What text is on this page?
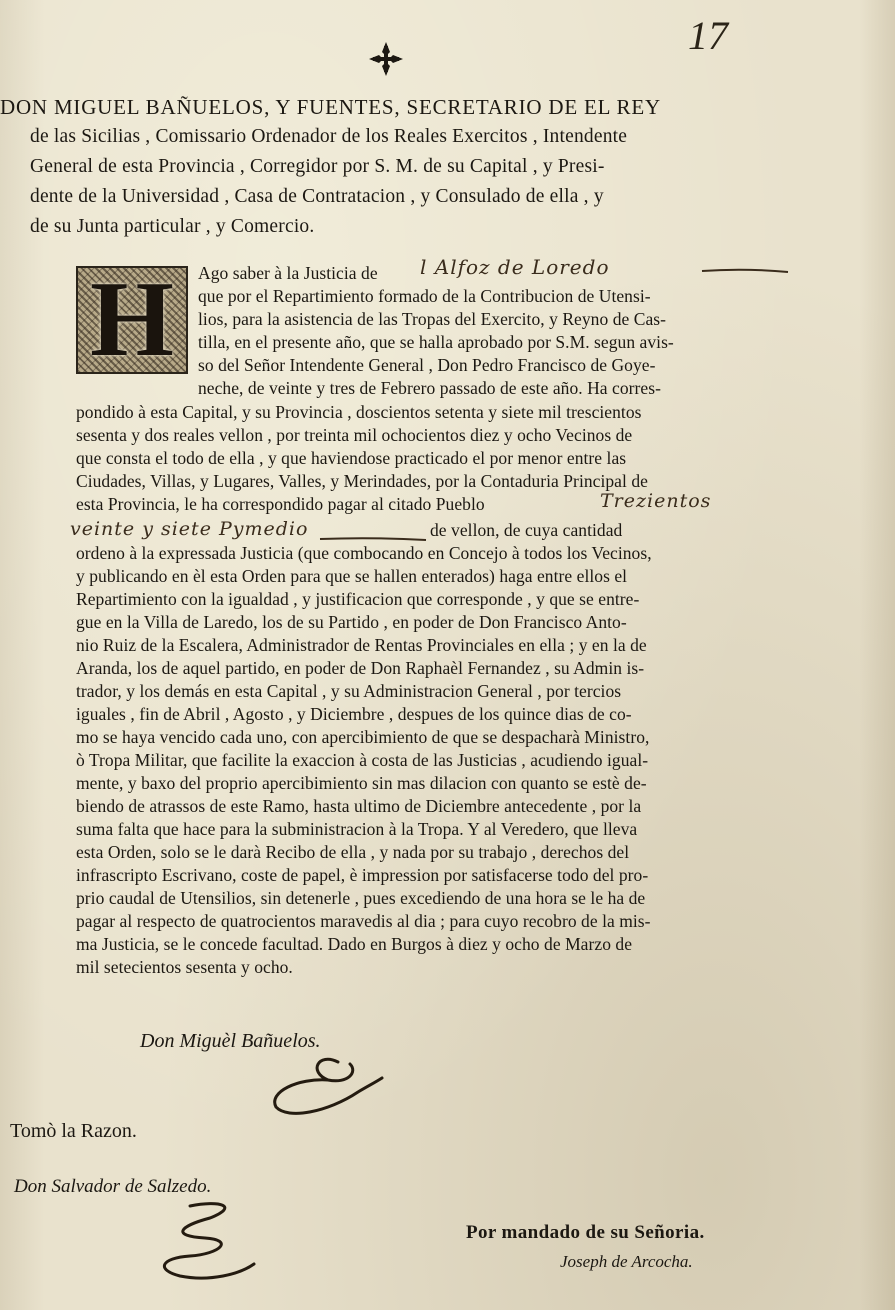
17
DON MIGUEL BAÑUELOS, Y FUENTES, SECRETARIO DE EL REY
de las Sicilias , Comissario Ordenador de los Reales Exercitos , Intendente
General de esta Provincia , Corregidor por S. M. de su Capital , y Presi-
dente de la Universidad , Casa de Contratacion , y Consulado de ella , y
de su Junta particular , y Comercio.
H Ago saber à la Justicia de l Alfoz de Loredo
que por el Repartimiento formado de la Contribucion de Utensi-
lios, para la asistencia de las Tropas del Exercito, y Reyno de Cas-
tilla, en el presente año, que se halla aprobado por S.M. segun avis-
so del Señor Intendente General , Don Pedro Francisco de Goye-
neche, de veinte y tres de Febrero passado de este año. Ha corres-
pondido à esta Capital, y su Provincia , doscientos setenta y siete mil trescientos
sesenta y dos reales vellon , por treinta mil ochocientos diez y ocho Vecinos de
que consta el todo de ella , y que haviendose practicado el por menor entre las
Ciudades, Villas, y Lugares, Valles, y Merindades, por la Contaduria Principal de
esta Provincia, le ha correspondido pagar al citado Pueblo	Trezientos
veinte y siete Pymedio	de vellon, de cuya cantidad
ordeno à la expressada Justicia (que combocando en Concejo à todos los Vecinos,
y publicando en èl esta Orden para que se hallen enterados) haga entre ellos el
Repartimiento con la igualdad , y justificacion que corresponde , y que se entre-
gue en la Villa de Laredo, los de su Partido , en poder de Don Francisco Anto-
nio Ruiz de la Escalera, Administrador de Rentas Provinciales en ella ; y en la de
Aranda, los de aquel partido, en poder de Don Raphaèl Fernandez , su Admin is-
trador, y los demás en esta Capital , y su Administracion General , por tercios
iguales , fin de Abril , Agosto , y Diciembre , despues de los quince dias de co-
mo se haya vencido cada uno, con apercibimiento de que se despacharà Ministro,
ò Tropa Militar, que facilite la exaccion à costa de las Justicias , acudiendo igual-
mente, y baxo del proprio apercibimiento sin mas dilacion con quanto se estè de-
biendo de atrassos de este Ramo, hasta ultimo de Diciembre antecedente , por la
suma falta que hace para la subministracion à la Tropa. Y al Veredero, que lleva
esta Orden, solo se le darà Recibo de ella , y nada por su trabajo , derechos del
infrascripto Escrivano, coste de papel, è impression por satisfacerse todo del pro-
prio caudal de Utensilios, sin detenerle , pues excediendo de una hora se le ha de
pagar al respecto de quatrocientos maravedis al dia ; para cuyo recobro de la mis-
ma Justicia, se le concede facultad. Dado en Burgos à diez y ocho de Marzo de
mil setecientos sesenta y ocho.
Don Miguèl Bañuelos.
Tomò la Razon.
Don Salvador de Salzedo.
Por mandado de su Señoria.
Joseph de Arcocha.
